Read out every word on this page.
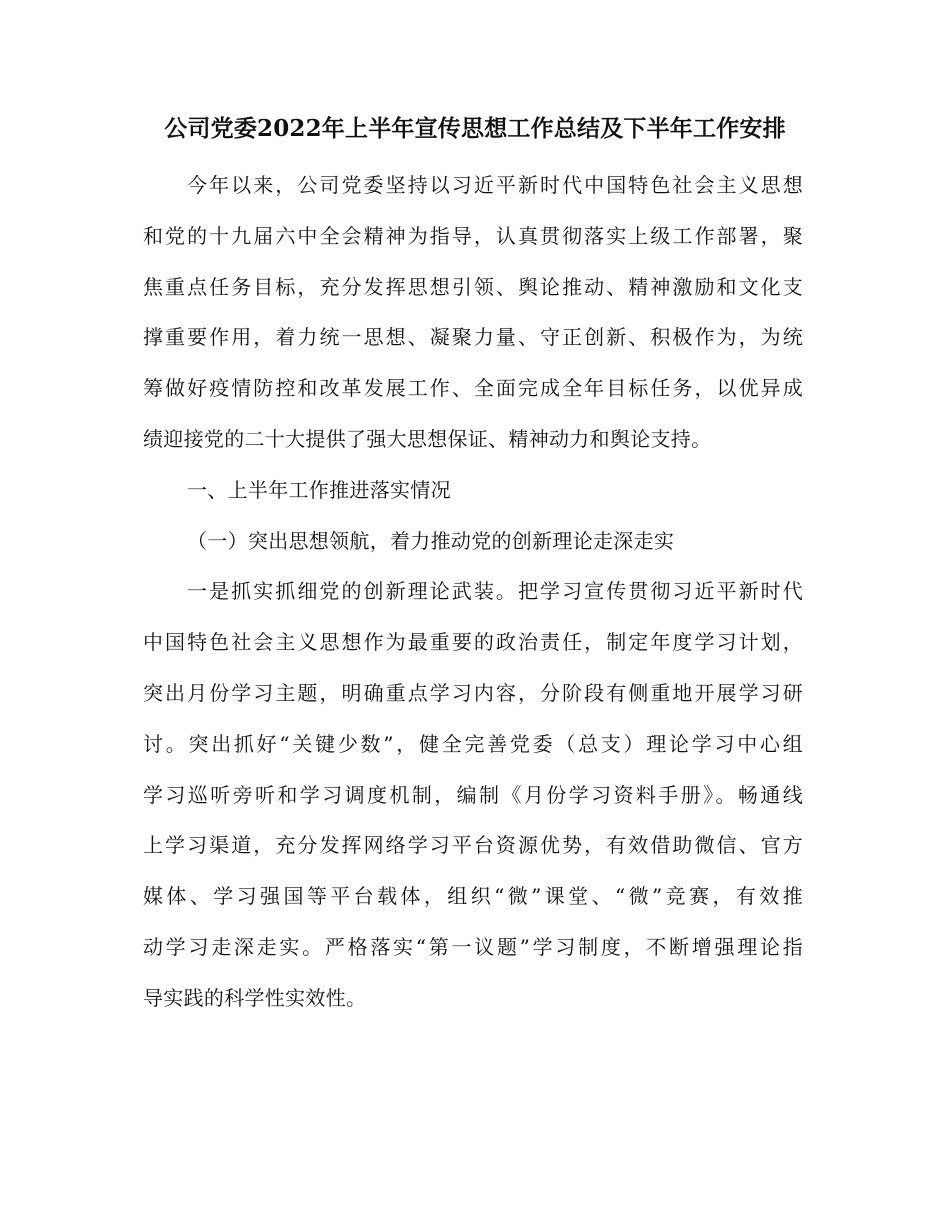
公司党委2022年上半年宣传思想工作总结及下半年工作安排
今年以来，公司党委坚持以习近平新时代中国特色社会主义思想
和党的十九届六中全会精神为指导，认真贯彻落实上级工作部署，聚
焦重点任务目标，充分发挥思想引领、舆论推动、精神激励和文化支
撑重要作用，着力统一思想、凝聚力量、守正创新、积极作为，为统
筹做好疫情防控和改革发展工作、全面完成全年目标任务，以优异成
绩迎接党的二十大提供了强大思想保证、精神动力和舆论支持。
一、上半年工作推进落实情况
（一）突出思想领航，着力推动党的创新理论走深走实
一是抓实抓细党的创新理论武装。把学习宣传贯彻习近平新时代
中国特色社会主义思想作为最重要的政治责任，制定年度学习计划，
突出月份学习主题，明确重点学习内容，分阶段有侧重地开展学习研
讨。突出抓好“关键少数”，健全完善党委（总支）理论学习中心组
学习巡听旁听和学习调度机制，编制《月份学习资料手册》。畅通线
上学习渠道，充分发挥网络学习平台资源优势，有效借助微信、官方
媒体、学习强国等平台载体，组织“微”课堂、“微”竞赛，有效推
动学习走深走实。严格落实“第一议题”学习制度，不断增强理论指
导实践的科学性实效性。
